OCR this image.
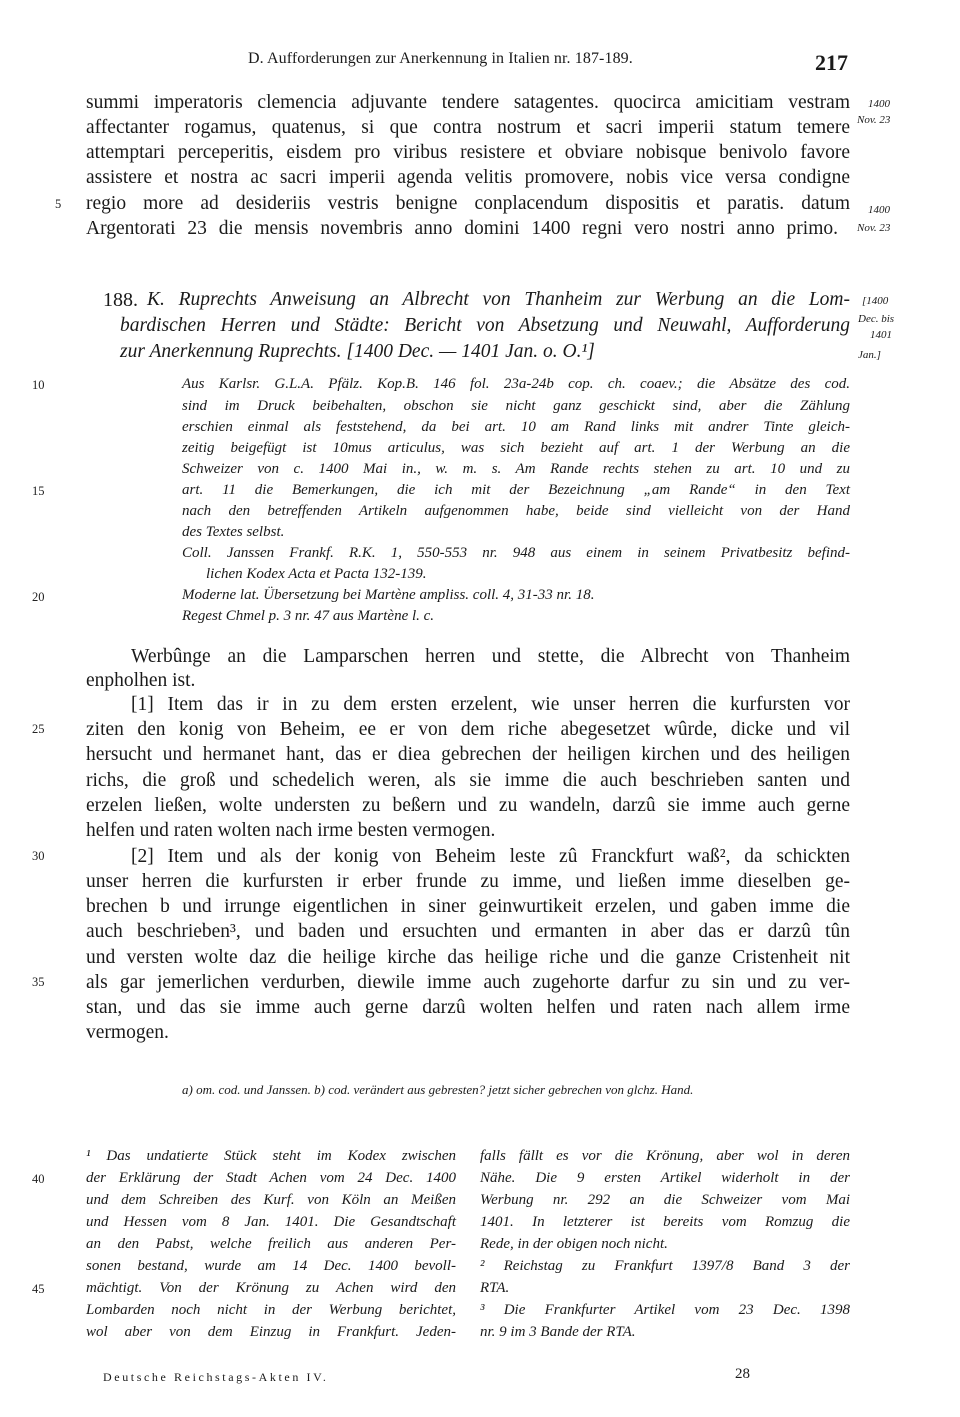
D. Aufforderungen zur Anerkennung in Italien nr. 187-189.	217
summi imperatoris clemencia adjuvante tendere satagentes. quocirca amicitiam vestram
affectanter rogamus, quatenus, si que contra nostrum et sacri imperii statum temere
attemptari perceperitis, eisdem pro viribus resistere et obviare nobisque benivolo favore
assistere et nostra ac sacri imperii agenda velitis promovere, nobis vice versa condigne
regio more ad desideriis vestris benigne conplacendum dispositis et paratis. datum
Argentorati 23 die mensis novembris anno domini 1400 regni vero nostri anno primo.
1400
Nov. 23
1400
Nov. 23
188. K. Ruprechts Anweisung an Albrecht von Thanheim zur Werbung an die Lom-
bardischen Herren und Städte: Bericht von Absetzung und Neuwahl, Aufforderung
zur Anerkennung Ruprechts. [1400 Dec. — 1401 Jan. o. O.¹]
[1400
Dec. bis
1401
Jan.]
Aus Karlsr. G.L.A. Pfälz. Kop.B. 146 fol. 23a-24b cop. ch. coaev.; die Absätze des cod.
sind im Druck beibehalten, obschon sie nicht ganz geschickt sind, aber die Zählung
erschien einmal als feststehend, da bei art. 10 am Rand links mit andrer Tinte gleich-
zeitig beigefügt ist 10mus articulus, was sich bezieht auf art. 1 der Werbung an die
Schweizer von c. 1400 Mai in., w. m. s. Am Rande rechts stehen zu art. 10 und zu
art. 11 die Bemerkungen, die ich mit der Bezeichnung „am Rande“ in den Text
nach den betreffenden Artikeln aufgenommen habe, beide sind vielleicht von der Hand
des Textes selbst.
Coll. Janssen Frankf. R.K. 1, 550-553 nr. 948 aus einem in seinem Privatbesitz befind-
lichen Kodex Acta et Pacta 132-139.
Moderne lat. Übersetzung bei Martène ampliss. coll. 4, 31-33 nr. 18.
Regest Chmel p. 3 nr. 47 aus Martène l. c.
Werbûnge an die Lamparschen herren und stette, die Albrecht von Thanheim
enpholhen ist.
[1] Item das ir in zu dem ersten erzelent, wie unser herren die kurfursten vor
ziten den konig von Beheim, ee er von dem riche abegesetzet wûrde, dicke und vil
hersucht und hermanet hant, das er diea gebrechen der heiligen kirchen und des heiligen
richs, die groß und schedelich weren, als sie imme die auch beschrieben santen und
erzelen ließen, wolte understen zu beßern und zu wandeln, darzû sie imme auch gerne
helfen und raten wolten nach irme besten vermogen.
[2] Item und als der konig von Beheim leste zû Franckfurt waß², da schickten
unser herren die kurfursten ir erber frunde zu imme, und ließen imme dieselben ge-
brechen b und irrunge eigentlichen in siner geinwurtikeit erzelen, und gaben imme die
auch beschrieben³, und baden und ersuchten und ermanten in aber das er darzû tûn
und versten wolte daz die heilige kirche das heilige riche und die ganze Cristenheit nit
als gar jemerlichen verdurben, diewile imme auch zugehorte darfur zu sin und zu ver-
stan, und das sie imme auch gerne darzû wolten helfen und raten nach allem irme
vermogen.
a) om. cod. und Janssen. b) cod. verändert aus gebresten? jetzt sicher gebrechen von glchz. Hand.
¹ Das undatierte Stück steht im Kodex zwischen
der Erklärung der Stadt Achen vom 24 Dec. 1400
und dem Schreiben des Kurf. von Köln an Meißen
und Hessen vom 8 Jan. 1401. Die Gesandtschaft
an den Pabst, welche freilich aus anderen Per-
sonen bestand, wurde am 14 Dec. 1400 bevoll-
mächtigt. Von der Krönung zu Achen wird den
Lombarden noch nicht in der Werbung berichtet,
wol aber von dem Einzug in Frankfurt. Jeden-
falls fällt es vor die Krönung, aber wol in deren
Nähe. Die 9 ersten Artikel widerholt in der
Werbung nr. 292 an die Schweizer vom Mai
1401. In letzterer ist bereits vom Romzug die
Rede, in der obigen noch nicht.
² Reichstag zu Frankfurt 1397/8 Band 3 der
RTA.
³ Die Frankfurter Artikel vom 23 Dec. 1398
nr. 9 im 3 Bande der RTA.
5
10
15
20
25
30
35
40
45
Deutsche Reichstags-Akten IV.	28
